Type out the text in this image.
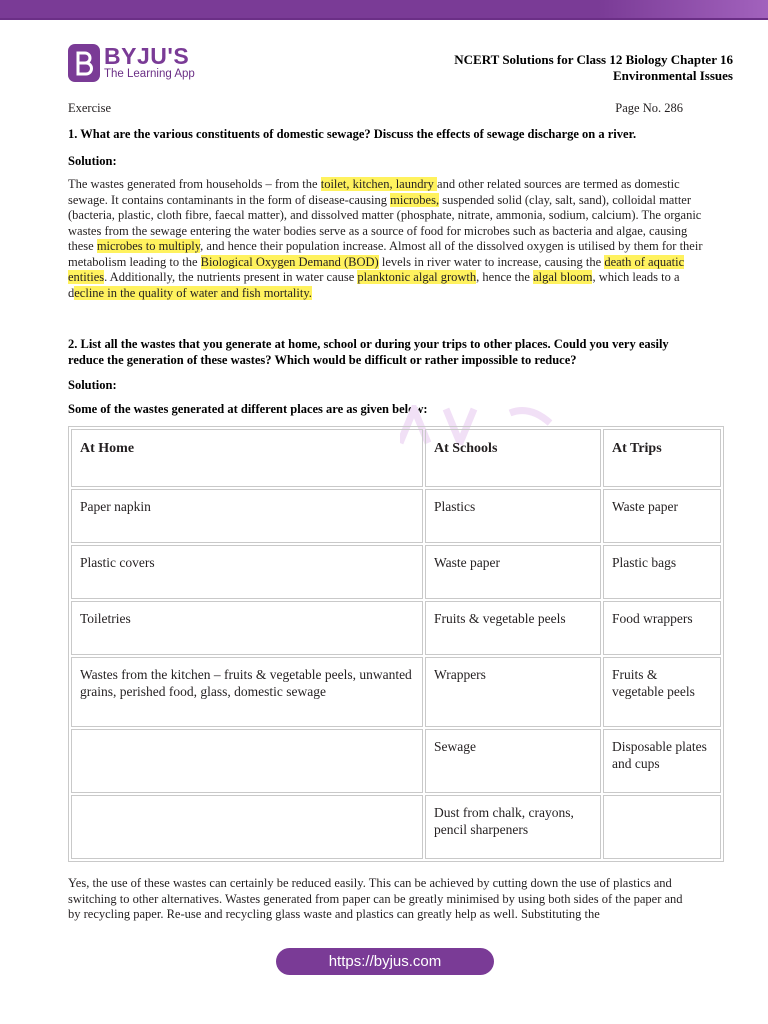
BYJU'S
The Learning App
NCERT Solutions for Class 12 Biology Chapter 16
Environmental Issues
Exercise	Page No. 286
1. What are the various constituents of domestic sewage? Discuss the effects of sewage discharge on a river.
Solution:
The wastes generated from households – from the toilet, kitchen, laundry and other related sources are termed as domestic sewage. It contains contaminants in the form of disease-causing microbes, suspended solid (clay, salt, sand), colloidal matter (bacteria, plastic, cloth fibre, faecal matter), and dissolved matter (phosphate, nitrate, ammonia, sodium, calcium). The organic wastes from the sewage entering the water bodies serve as a source of food for microbes such as bacteria and algae, causing these microbes to multiply, and hence their population increase. Almost all of the dissolved oxygen is utilised by them for their metabolism leading to the Biological Oxygen Demand (BOD) levels in river water to increase, causing the death of aquatic entities. Additionally, the nutrients present in water cause planktonic algal growth, hence the algal bloom, which leads to a decline in the quality of water and fish mortality.
2. List all the wastes that you generate at home, school or during your trips to other places. Could you very easily reduce the generation of these wastes? Which would be difficult or rather impossible to reduce?
Solution:
Some of the wastes generated at different places are as given below:
At Home	At Schools	At Trips
Paper napkin	Plastics	Waste paper
Plastic covers	Waste paper	Plastic bags
Toiletries	Fruits & vegetable peels	Food wrappers
Wastes from the kitchen – fruits & vegetable peels, unwanted grains, perished food, glass, domestic sewage	Wrappers	Fruits & vegetable peels
	Sewage	Disposable plates and cups
	Dust from chalk, crayons, pencil sharpeners	
Yes, the use of these wastes can certainly be reduced easily. This can be achieved by cutting down the use of plastics and switching to other alternatives. Wastes generated from paper can be greatly minimised by using both sides of the paper and by recycling paper. Re-use and recycling glass waste and plastics can greatly help as well. Substituting the
https://byjus.com
